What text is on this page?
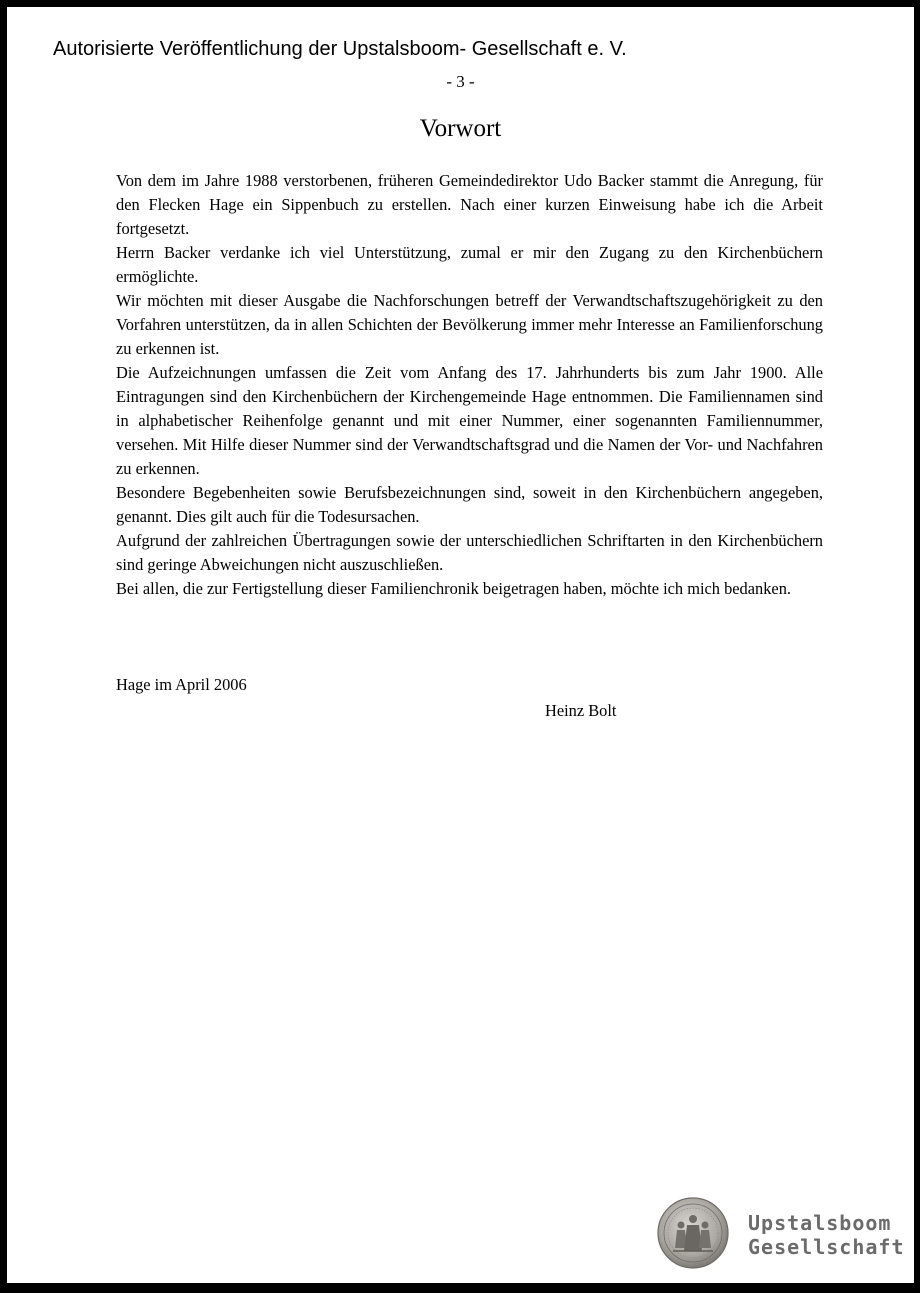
Autorisierte Veröffentlichung der Upstalsboom- Gesellschaft e. V.
- 3 -
Vorwort

Von dem im Jahre 1988 verstorbenen, früheren Gemeindedirektor Udo Backer stammt die Anregung, für den Flecken Hage ein Sippenbuch zu erstellen. Nach einer kurzen Einweisung habe ich die Arbeit fortgesetzt.

Herrn Backer verdanke ich viel Unterstützung, zumal er mir den Zugang zu den Kirchenbüchern ermöglichte.

Wir möchten mit dieser Ausgabe die Nachforschungen betreff der Verwandtschaftszugehörigkeit zu den Vorfahren unterstützen, da in allen Schichten der Bevölkerung immer mehr Interesse an Familienforschung zu erkennen ist.

Die Aufzeichnungen umfassen die Zeit vom Anfang des 17. Jahrhunderts bis zum Jahr 1900. Alle Eintragungen sind den Kirchenbüchern der Kirchengemeinde Hage entnommen. Die Familiennamen sind in alphabetischer Reihenfolge genannt und mit einer Nummer, einer sogenannten Familiennummer, versehen. Mit Hilfe dieser Nummer sind der Verwandtschaftsgrad und die Namen der Vor- und Nachfahren zu erkennen.

Besondere Begebenheiten sowie Berufsbezeichnungen sind, soweit in den Kirchenbüchern angegeben, genannt. Dies gilt auch für die Todesursachen.

Aufgrund der zahlreichen Übertragungen sowie der unterschiedlichen Schriftarten in den Kirchenbüchern sind geringe Abweichungen nicht auszuschließen.

Bei allen, die zur Fertigstellung dieser Familienchronik beigetragen haben, möchte ich mich bedanken.

Hage im April 2006
Heinz Bolt
Upstalsboom
Gesellschaft
